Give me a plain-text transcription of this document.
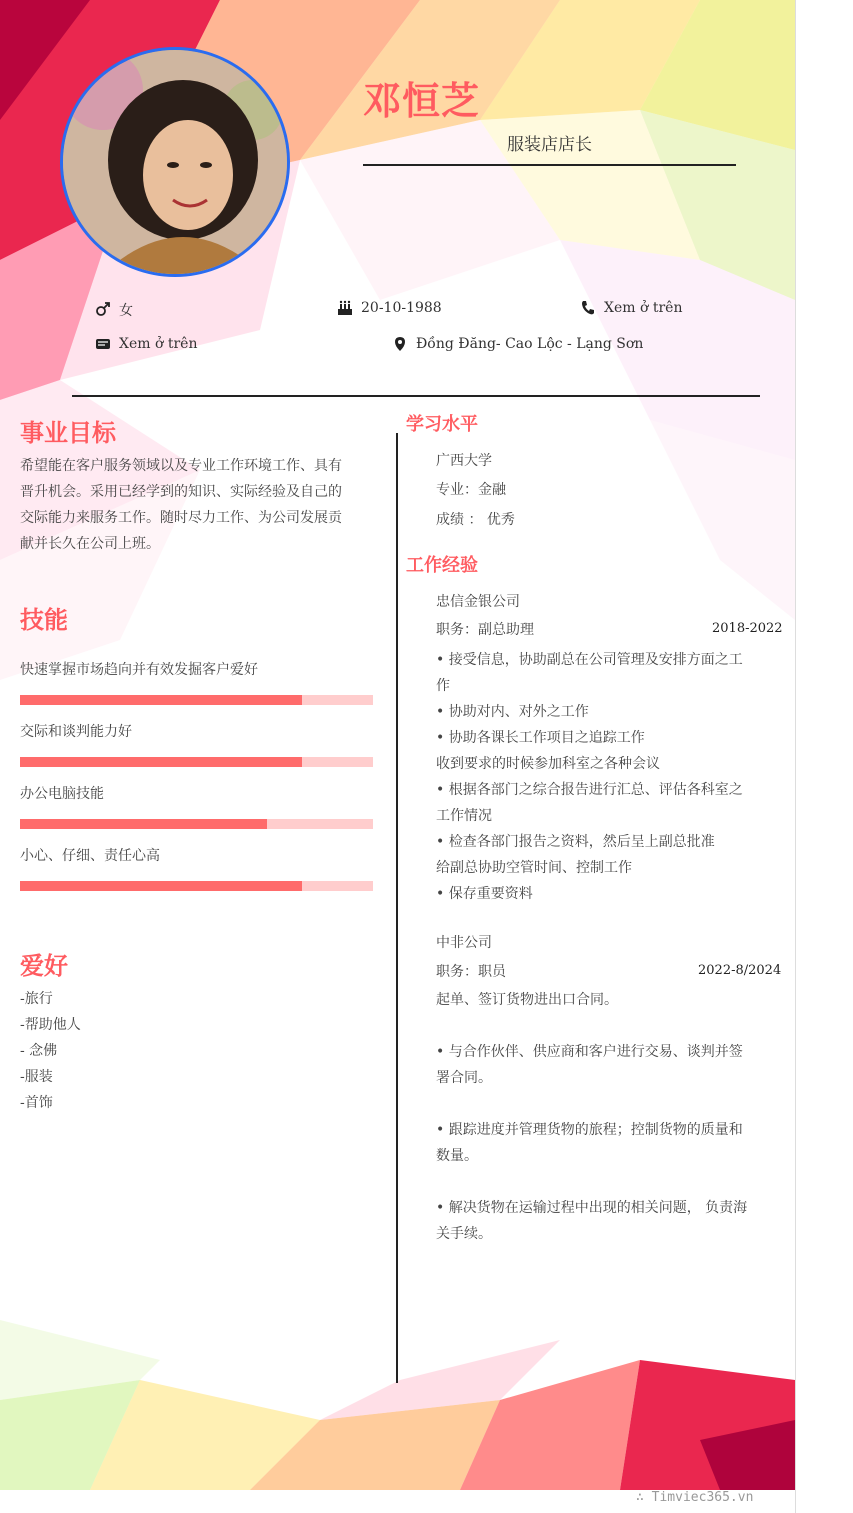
邓恒芝
服装店店长
女	20-10-1988	Xem ở trên
Xem ở trên	Đồng Đăng- Cao Lộc - Lạng Sơn
事业目标
希望能在客户服务领域以及专业工作环境工作、具有
晋升机会。采用已经学到的知识、实际经验及自己的
交际能力来服务工作。随时尽力工作、为公司发展贡
献并长久在公司上班。
技能
快速掌握市场趋向并有效发掘客户爱好
交际和谈判能力好
办公电脑技能
小心、仔细、责任心高
爱好
-旅行
-帮助他人
- 念佛
-服装
-首饰
学习水平
广西大学
专业：金融
成绩 ： 优秀
工作经验
忠信金银公司
职务：副总助理	2018-2022
• 接受信息，协助副总在公司管理及安排方面之工
作
• 协助对内、对外之工作
• 协助各课长工作项目之追踪工作
收到要求的时候参加科室之各种会议
• 根据各部门之综合报告进行汇总、评估各科室之
工作情况
• 检查各部门报告之资料，然后呈上副总批准
给副总协助空管时间、控制工作
• 保存重要资料
中非公司
职务：职员	2022-8/2024
起单、签订货物进出口合同。
• 与合作伙伴、供应商和客户进行交易、谈判并签
署合同。
• 跟踪进度并管理货物的旅程；控制货物的质量和
数量。
• 解决货物在运输过程中出现的相关问题， 负责海
关手续。
∴ Timviec365.vn
